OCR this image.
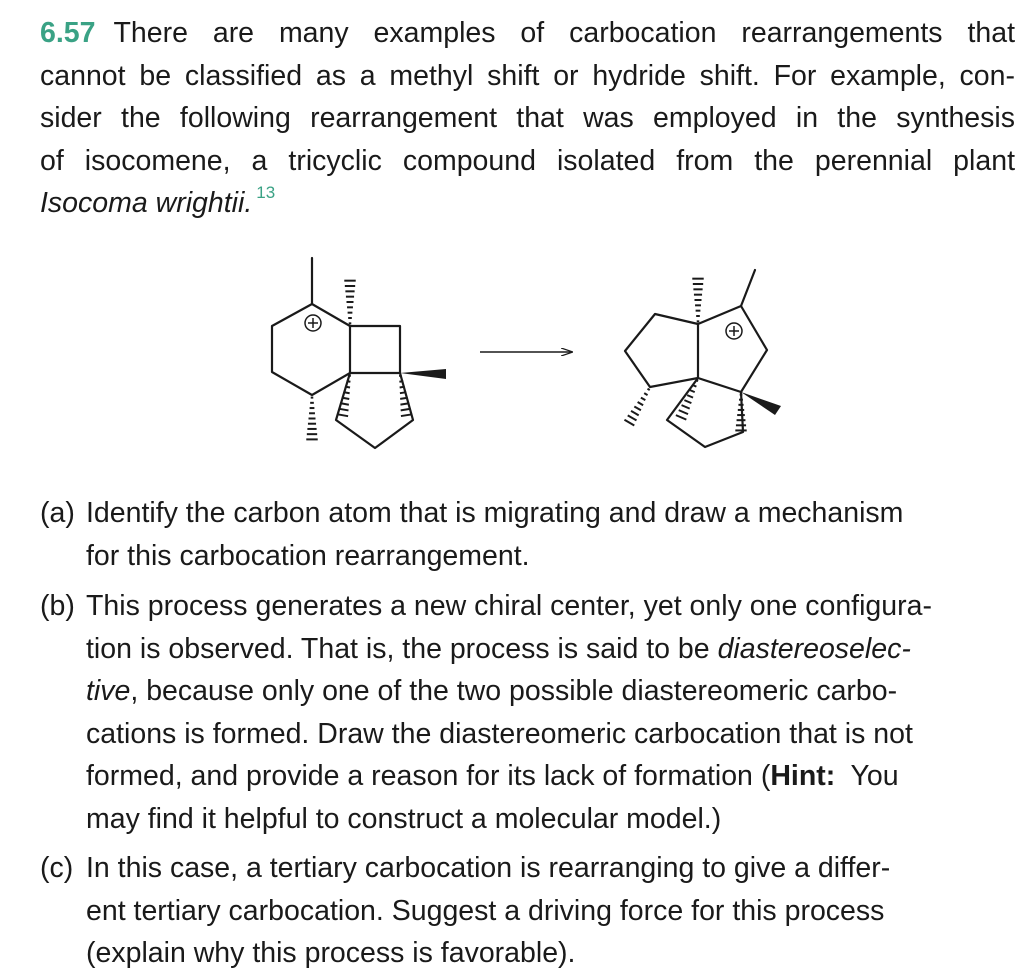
6.57 There are many examples of carbocation rearrangements that
cannot be classified as a methyl shift or hydride shift. For example, con-
sider the following rearrangement that was employed in the synthesis
of isocomene, a tricyclic compound isolated from the perennial plant
Isocoma wrightii. $^{13}$
(a) Identify the carbon atom that is migrating and draw a mechanism
for this carbocation rearrangement.
(b) This process generates a new chiral center, yet only one configura-
tion is observed. That is, the process is said to be diastereoselec-
tive, because only one of the two possible diastereomeric carbo-
cations is formed. Draw the diastereomeric carbocation that is not
formed, and provide a reason for its lack of formation (Hint:  You
may find it helpful to construct a molecular model.)
(c) In this case, a tertiary carbocation is rearranging to give a differ-
ent tertiary carbocation. Suggest a driving force for this process
(explain why this process is favorable).
